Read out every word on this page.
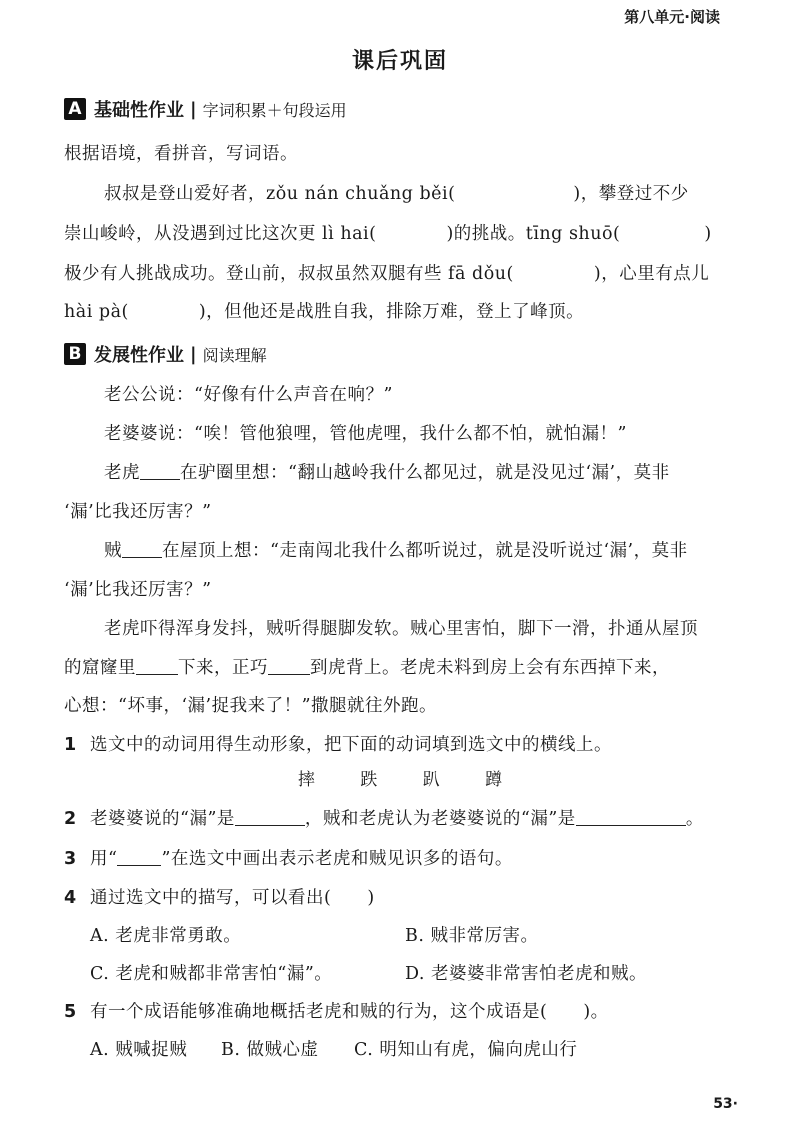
第八单元·阅读
课后巩固
A 基础性作业 | 字词积累＋句段运用
根据语境，看拼音，写词语。
叔叔是登山爱好者，zǒu nán chuǎng běi(	)，攀登过不少
崇山峻岭，从没遇到过比这次更 lì hai(	)的挑战。tīng shuō(	)
极少有人挑战成功。登山前，叔叔虽然双腿有些 fā dǒu(	)，心里有点儿
hài pà(	)，但他还是战胜自我，排除万难，登上了峰顶。
B 发展性作业 | 阅读理解
老公公说：“好像有什么声音在响？”
老婆婆说：“唉！管他狼哩，管他虎哩，我什么都不怕，就怕漏！”
老虎 在驴圈里想：“翻山越岭我什么都见过，就是没见过‘漏’，莫非
‘漏’比我还厉害？”
贼 在屋顶上想：“走南闯北我什么都听说过，就是没听说过‘漏’，莫非
‘漏’比我还厉害？”
老虎吓得浑身发抖，贼听得腿脚发软。贼心里害怕，脚下一滑，扑通从屋顶
的窟窿里 下来，正巧 到虎背上。老虎未料到房上会有东西掉下来，
心想：“坏事，‘漏’捉我来了！”撒腿就往外跑。
1 选文中的动词用得生动形象，把下面的动词填到选文中的横线上。
摔	跌	趴	蹲
2 老婆婆说的“漏”是	，贼和老虎认为老婆婆说的“漏”是	。
3 用“	”在选文中画出表示老虎和贼见识多的语句。
4 通过选文中的描写，可以看出(　　)
A. 老虎非常勇敢。	B. 贼非常厉害。
C. 老虎和贼都非常害怕“漏”。	D. 老婆婆非常害怕老虎和贼。
5 有一个成语能够准确地概括老虎和贼的行为，这个成语是(　　)。
A. 贼喊捉贼 B. 做贼心虚 C. 明知山有虎，偏向虎山行
53·
